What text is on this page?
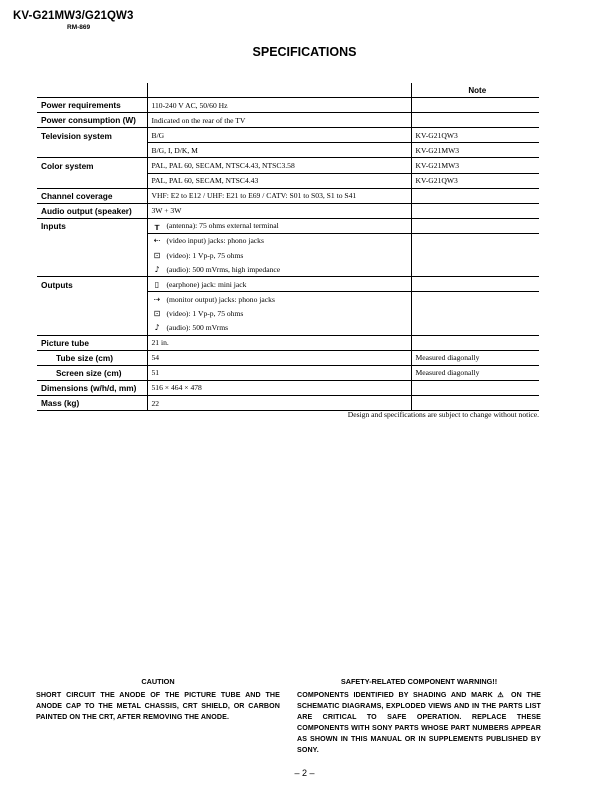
KV-G21MW3/G21QW3
RM-869
SPECIFICATIONS
		Note
Power requirements	110-240 V AC, 50/60 Hz	
Power consumption (W)	Indicated on the rear of the TV	
Television system	B/G	KV-G21QW3
	B/G, I, D/K, M	KV-G21MW3
Color system	PAL, PAL 60, SECAM, NTSC4.43, NTSC3.58	KV-G21MW3
	PAL, PAL 60, SECAM, NTSC4.43	KV-G21QW3
Channel coverage	VHF: E2 to E12 / UHF: E21 to E69 / CATV: S01 to S03, S1 to S41	
Audio output (speaker)	3W + 3W	
Inputs	╥ (antenna): 75 ohms external terminal	
	⇠ (video input) jacks: phono jacks	
	⊡ (video): 1 Vp-p, 75 ohms	
	♪ (audio): 500 mVrms, high impedance	
Outputs	▯ (earphone) jack: mini jack	
	⇢ (monitor output) jacks: phono jacks	
	⊡ (video): 1 Vp-p, 75 ohms	
	♪ (audio): 500 mVrms	
Picture tube	21 in.	
Tube size (cm)	54	Measured diagonally
Screen size (cm)	51	Measured diagonally
Dimensions (w/h/d, mm)	516 × 464 × 478	
Mass (kg)	22	
Design and specifications are subject to change without notice.
CAUTION
SHORT CIRCUIT THE ANODE OF THE PICTURE TUBE AND THE ANODE CAP TO THE METAL CHASSIS, CRT SHIELD, OR CARBON PAINTED ON THE CRT, AFTER REMOVING THE ANODE.
SAFETY-RELATED COMPONENT WARNING!!
COMPONENTS IDENTIFIED BY SHADING AND MARK ⚠ ON THE SCHEMATIC DIAGRAMS, EXPLODED VIEWS AND IN THE PARTS LIST ARE CRITICAL TO SAFE OPERATION. REPLACE THESE COMPONENTS WITH SONY PARTS WHOSE PART NUMBERS APPEAR AS SHOWN IN THIS MANUAL OR IN SUPPLEMENTS PUBLISHED BY SONY.
– 2 –
